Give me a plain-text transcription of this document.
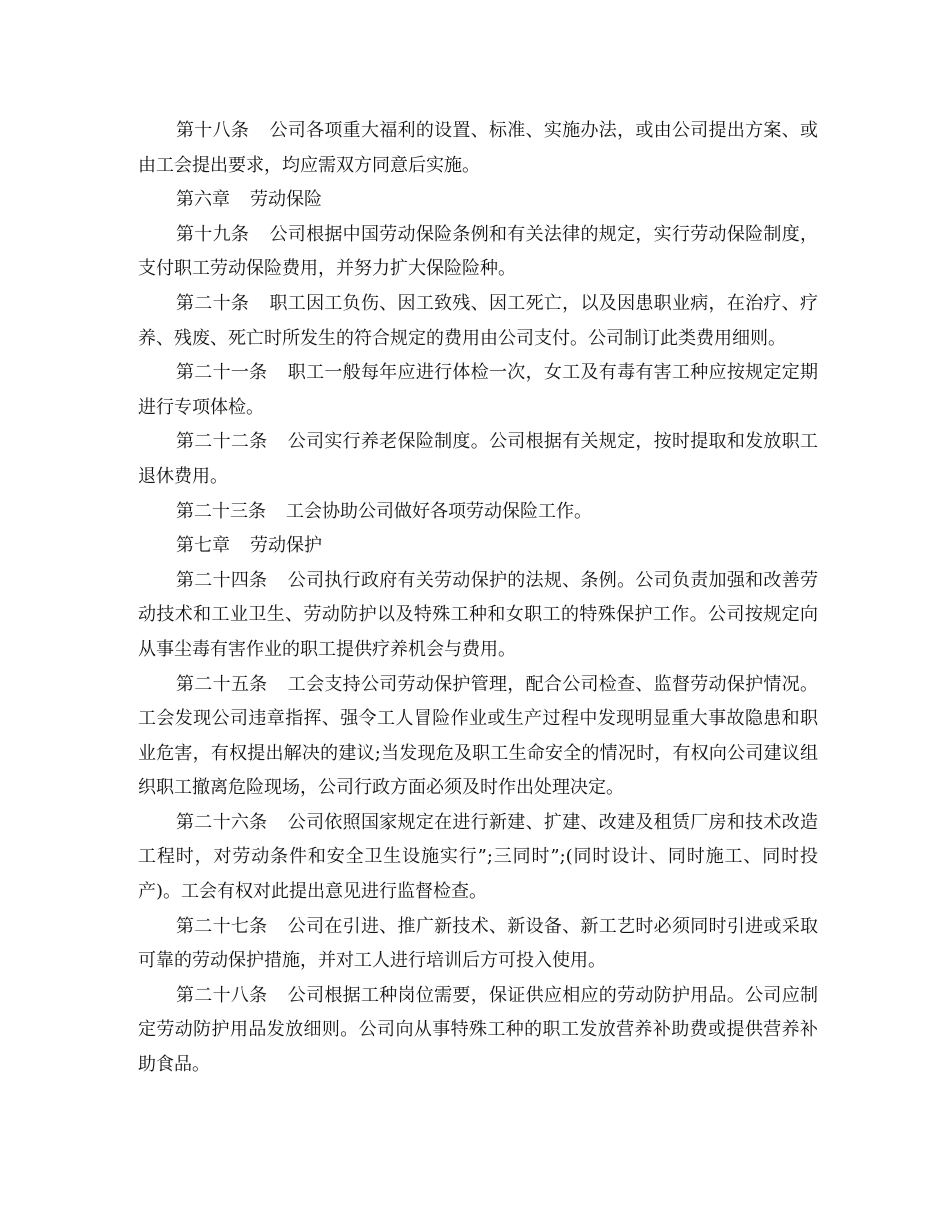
第十八条 公司各项重大福利的设置、标准、实施办法，或由公司提出方案、或由工会提出要求，均应需双方同意后实施。

第六章 劳动保险

第十九条 公司根据中国劳动保险条例和有关法律的规定，实行劳动保险制度，支付职工劳动保险费用，并努力扩大保险险种。

第二十条 职工因工负伤、因工致残、因工死亡，以及因患职业病，在治疗、疗养、残废、死亡时所发生的符合规定的费用由公司支付。公司制订此类费用细则。

第二十一条 职工一般每年应进行体检一次，女工及有毒有害工种应按规定定期进行专项体检。

第二十二条 公司实行养老保险制度。公司根据有关规定，按时提取和发放职工退休费用。

第二十三条 工会协助公司做好各项劳动保险工作。

第七章 劳动保护

第二十四条 公司执行政府有关劳动保护的法规、条例。公司负责加强和改善劳动技术和工业卫生、劳动防护以及特殊工种和女职工的特殊保护工作。公司按规定向从事尘毒有害作业的职工提供疗养机会与费用。

第二十五条 工会支持公司劳动保护管理，配合公司检查、监督劳动保护情况。工会发现公司违章指挥、强令工人冒险作业或生产过程中发现明显重大事故隐患和职业危害，有权提出解决的建议;当发现危及职工生命安全的情况时，有权向公司建议组织职工撤离危险现场，公司行政方面必须及时作出处理决定。

第二十六条 公司依照国家规定在进行新建、扩建、改建及租赁厂房和技术改造工程时，对劳动条件和安全卫生设施实行”;三同时”;(同时设计、同时施工、同时投产)。工会有权对此提出意见进行监督检查。

第二十七条 公司在引进、推广新技术、新设备、新工艺时必须同时引进或采取可靠的劳动保护措施，并对工人进行培训后方可投入使用。

第二十八条 公司根据工种岗位需要，保证供应相应的劳动防护用品。公司应制定劳动防护用品发放细则。公司向从事特殊工种的职工发放营养补助费或提供营养补助食品。
